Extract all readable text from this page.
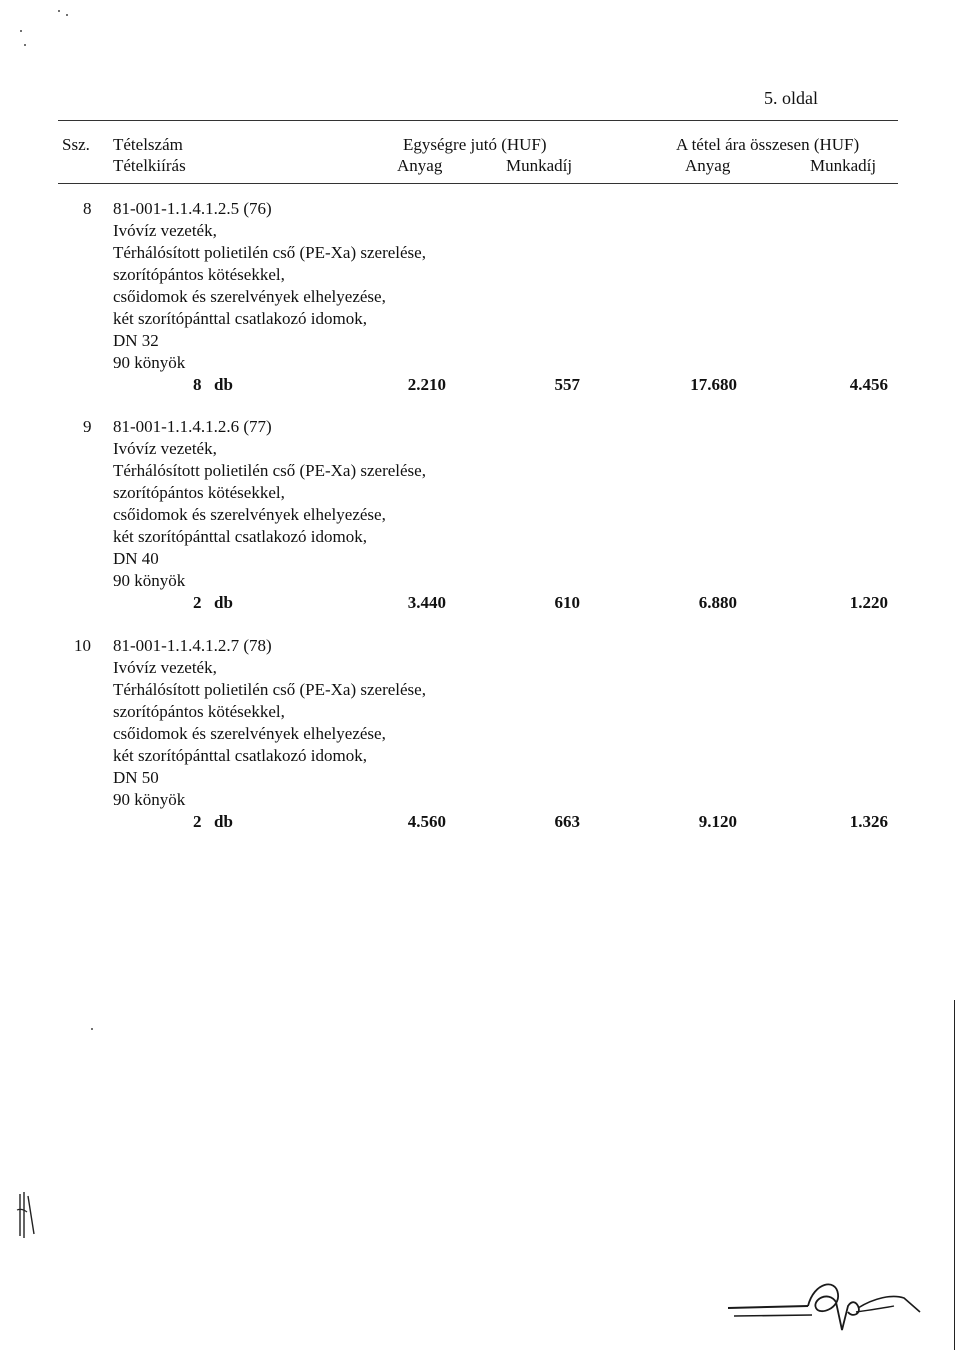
5. oldal
Ssz. Tételszám
Tételkiírás
Egységre jutó (HUF)	A tétel ára összesen (HUF)
Anyag	Munkadíj	Anyag	Munkadíj
8 81-001-1.1.4.1.2.5 (76)
Ivóvíz vezeték,
Térhálósított polietilén cső (PE-Xa) szerelése,
szorítópántos kötésekkel,
csőidomok és szerelvények elhelyezése,
két szorítópánttal csatlakozó idomok,
DN 32
90 könyök
8 db	2.210	557	17.680	4.456
9 81-001-1.1.4.1.2.6 (77)
Ivóvíz vezeték,
Térhálósított polietilén cső (PE-Xa) szerelése,
szorítópántos kötésekkel,
csőidomok és szerelvények elhelyezése,
két szorítópánttal csatlakozó idomok,
DN 40
90 könyök
2 db	3.440	610	6.880	1.220
10 81-001-1.1.4.1.2.7 (78)
Ivóvíz vezeték,
Térhálósított polietilén cső (PE-Xa) szerelése,
szorítópántos kötésekkel,
csőidomok és szerelvények elhelyezése,
két szorítópánttal csatlakozó idomok,
DN 50
90 könyök
2 db	4.560	663	9.120	1.326
